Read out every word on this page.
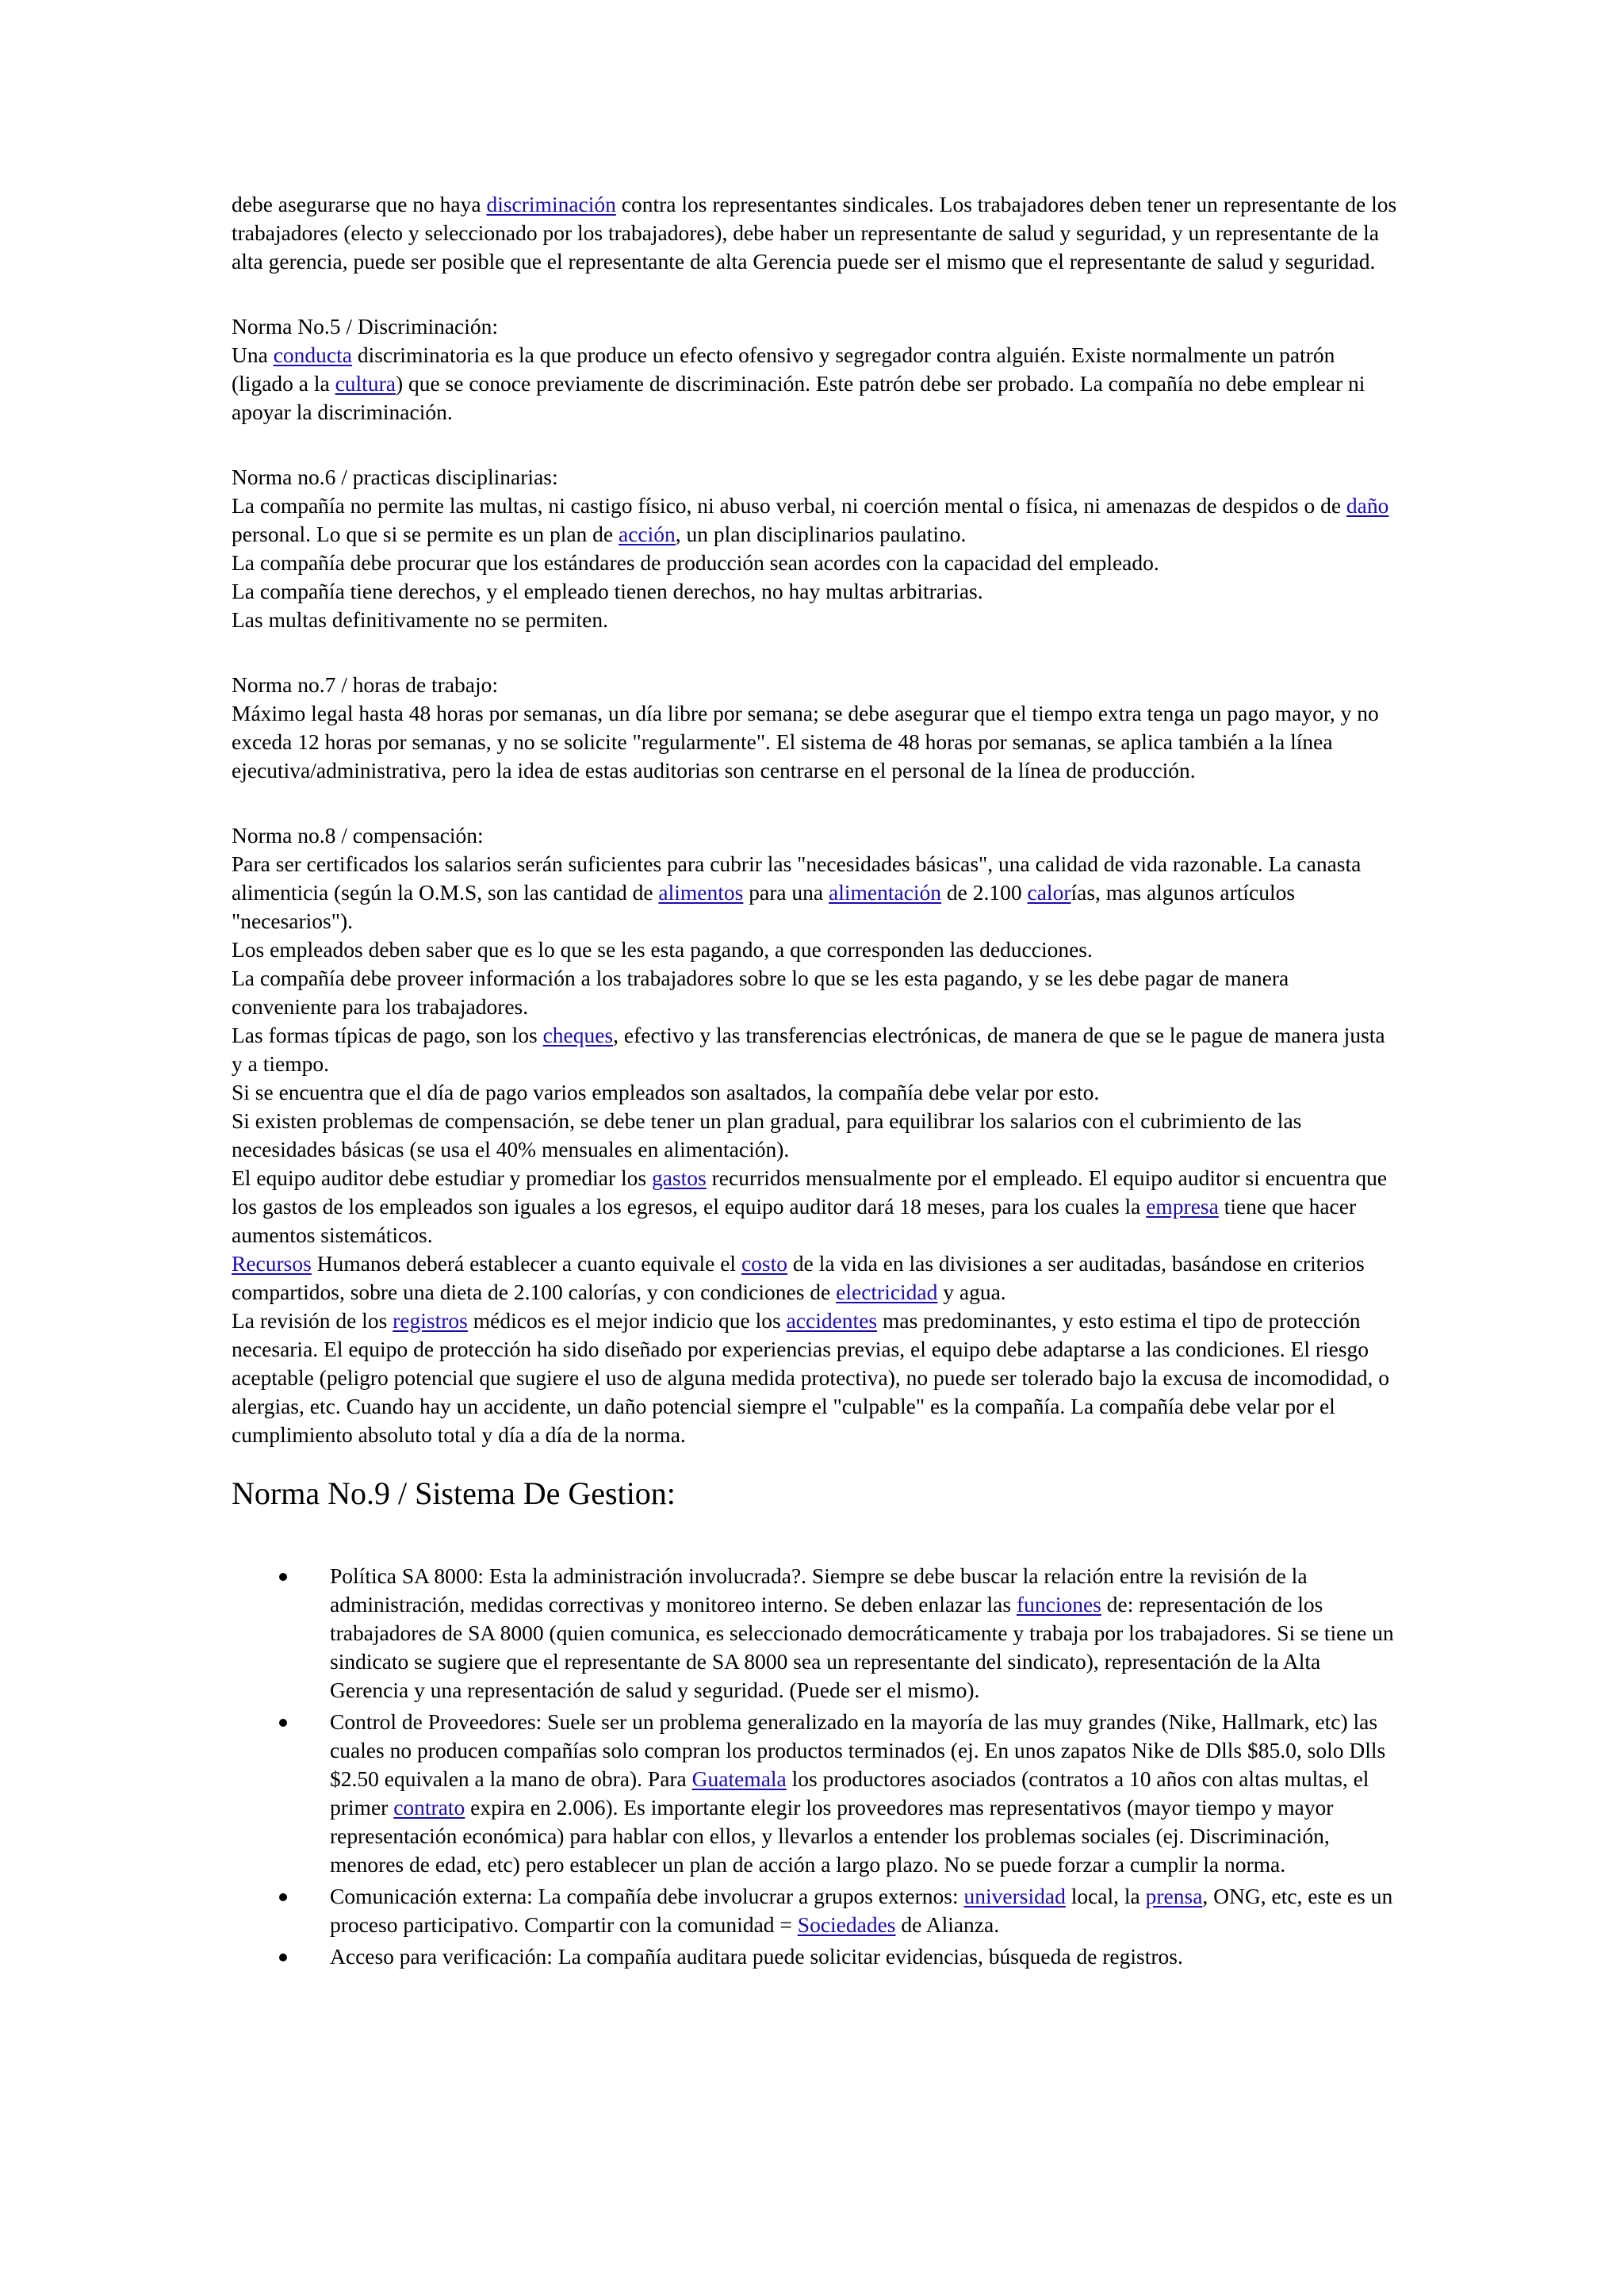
debe asegurarse que no haya discriminación contra los representantes sindicales. Los trabajadores deben tener un representante de los trabajadores (electo y seleccionado por los trabajadores), debe haber un representante de salud y seguridad, y un representante de la alta gerencia, puede ser posible que el representante de alta Gerencia puede ser el mismo que el representante de salud y seguridad.

Norma No.5 / Discriminación:

Una conducta discriminatoria es la que produce un efecto ofensivo y segregador contra alguién. Existe normalmente un patrón (ligado a la cultura) que se conoce previamente de discriminación. Este patrón debe ser probado. La compañía no debe emplear ni apoyar la discriminación.

Norma no.6 / practicas disciplinarias:

La compañía no permite las multas, ni castigo físico, ni abuso verbal, ni coerción mental o física, ni amenazas de despidos o de daño personal. Lo que si se permite es un plan de acción, un plan disciplinarios paulatino.

La compañía debe procurar que los estándares de producción sean acordes con la capacidad del empleado.

La compañía tiene derechos, y el empleado tienen derechos, no hay multas arbitrarias.

Las multas definitivamente no se permiten.

Norma no.7 / horas de trabajo:

Máximo legal hasta 48 horas por semanas, un día libre por semana; se debe asegurar que el tiempo extra tenga un pago mayor, y no exceda 12 horas por semanas, y no se solicite "regularmente". El sistema de 48 horas por semanas, se aplica también a la línea ejecutiva/administrativa, pero la idea de estas auditorias son centrarse en el personal de la línea de producción.

Norma no.8 / compensación:

Para ser certificados los salarios serán suficientes para cubrir las "necesidades básicas", una calidad de vida razonable. La canasta alimenticia (según la O.M.S, son las cantidad de alimentos para una alimentación de 2.100 calorías, mas algunos artículos "necesarios").

Los empleados deben saber que es lo que se les esta pagando, a que corresponden las deducciones.

La compañía debe proveer información a los trabajadores sobre lo que se les esta pagando, y se les debe pagar de manera conveniente para los trabajadores.

Las formas típicas de pago, son los cheques, efectivo y las transferencias electrónicas, de manera de que se le pague de manera justa y a tiempo.

Si se encuentra que el día de pago varios empleados son asaltados, la compañía debe velar por esto.

Si existen problemas de compensación, se debe tener un plan gradual, para equilibrar los salarios con el cubrimiento de las necesidades básicas (se usa el 40% mensuales en alimentación).

El equipo auditor debe estudiar y promediar los gastos recurridos mensualmente por el empleado. El equipo auditor si encuentra que los gastos de los empleados son iguales a los egresos, el equipo auditor dará 18 meses, para los cuales la empresa tiene que hacer aumentos sistemáticos.

Recursos Humanos deberá establecer a cuanto equivale el costo de la vida en las divisiones a ser auditadas, basándose en criterios compartidos, sobre una dieta de 2.100 calorías, y con condiciones de electricidad y agua.

La revisión de los registros médicos es el mejor indicio que los accidentes mas predominantes, y esto estima el tipo de protección necesaria. El equipo de protección ha sido diseñado por experiencias previas, el equipo debe adaptarse a las condiciones. El riesgo aceptable (peligro potencial que sugiere el uso de alguna medida protectiva), no puede ser tolerado bajo la excusa de incomodidad, o alergias, etc. Cuando hay un accidente, un daño potencial siempre el "culpable" es la compañía. La compañía debe velar por el cumplimiento absoluto total y día a día de la norma.

Norma No.9 / Sistema De Gestion:
Política SA 8000: Esta la administración involucrada?. Siempre se debe buscar la relación entre la revisión de la administración, medidas correctivas y monitoreo interno. Se deben enlazar las funciones de: representación de los trabajadores de SA 8000 (quien comunica, es seleccionado democráticamente y trabaja por los trabajadores. Si se tiene un sindicato se sugiere que el representante de SA 8000 sea un representante del sindicato), representación de la Alta Gerencia y una representación de salud y seguridad. (Puede ser el mismo).
Control de Proveedores: Suele ser un problema generalizado en la mayoría de las muy grandes (Nike, Hallmark, etc) las cuales no producen compañías solo compran los productos terminados (ej. En unos zapatos Nike de Dlls $85.0, solo Dlls $2.50 equivalen a la mano de obra). Para Guatemala los productores asociados (contratos a 10 años con altas multas, el primer contrato expira en 2.006). Es importante elegir los proveedores mas representativos (mayor tiempo y mayor representación económica) para hablar con ellos, y llevarlos a entender los problemas sociales (ej. Discriminación, menores de edad, etc) pero establecer un plan de acción a largo plazo. No se puede forzar a cumplir la norma.
Comunicación externa: La compañía debe involucrar a grupos externos: universidad local, la prensa, ONG, etc, este es un proceso participativo. Compartir con la comunidad = Sociedades de Alianza.
Acceso para verificación: La compañía auditara puede solicitar evidencias, búsqueda de registros.
